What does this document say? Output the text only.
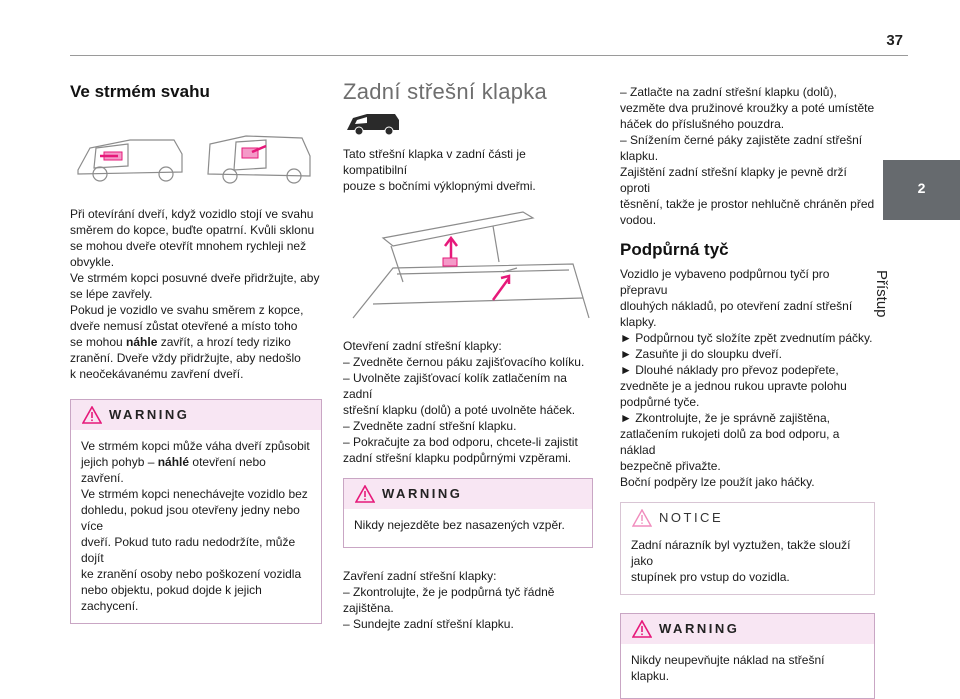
37
2
Přístup
Ve strmém svahu

Při otevírání dveří, když vozidlo stojí ve svahu

směrem do kopce, buďte opatrní. Kvůli sklonu

se mohou dveře otevřít mnohem rychleji než

obvykle.

Ve strmém kopci posuvné dveře přidržujte, aby

se lépe zavřely.

Pokud je vozidlo ve svahu směrem z kopce,

dveře nemusí zůstat otevřené a místo toho

se mohou náhle zavřít, a hrozí tedy riziko

zranění. Dveře vždy přidržujte, aby nedošlo

k neočekávanému zavření dveří.

WARNING

Ve strmém kopci může váha dveří způsobit

jejich pohyb – náhlé otevření nebo zavření.

Ve strmém kopci nenechávejte vozidlo bez

dohledu, pokud jsou otevřeny jedny nebo více

dveří. Pokud tuto radu nedodržíte, může dojít

ke zranění osoby nebo poškození vozidla

nebo objektu, pokud dojde k jejich zachycení.

Zadní střešní klapka

Tato střešní klapka v zadní části je kompatibilní

pouze s bočními výklopnými dveřmi.

Otevření zadní střešní klapky:

– Zvedněte černou páku zajišťovacího kolíku.

– Uvolněte zajišťovací kolík zatlačením na zadní

střešní klapku (dolů) a poté uvolněte háček.

– Zvedněte zadní střešní klapku.

– Pokračujte za bod odporu, chcete-li zajistit

zadní střešní klapku podpůrnými vzpěrami.

WARNING

Nikdy nejezděte bez nasazených vzpěr.

Zavření zadní střešní klapky:

– Zkontrolujte, že je podpůrná tyč řádně

zajištěna.

– Sundejte zadní střešní klapku.

– Zatlačte na zadní střešní klapku (dolů),

vezměte dva pružinové kroužky a poté umístěte

háček do příslušného pouzdra.

– Snížením černé páky zajistěte zadní střešní

klapku.

Zajištění zadní střešní klapky je pevně drží oproti

těsnění, takže je prostor nehlučně chráněn před

vodou.

Podpůrná tyč

Vozidlo je vybaveno podpůrnou tyčí pro přepravu

dlouhých nákladů, po otevření zadní střešní

klapky.

► Podpůrnou tyč složíte zpět zvednutím páčky.

► Zasuňte ji do sloupku dveří.

► Dlouhé náklady pro převoz podepřete,

zvedněte je a jednou rukou upravte polohu

podpůrné tyče.

► Zkontrolujte, že je správně zajištěna,

zatlačením rukojeti dolů za bod odporu, a náklad

bezpečně přivažte.

Boční podpěry lze použít jako háčky.

NOTICE

Zadní nárazník byl vyztužen, takže slouží jako

stupínek pro vstup do vozidla.

WARNING

Nikdy neupevňujte náklad na střešní klapku.
